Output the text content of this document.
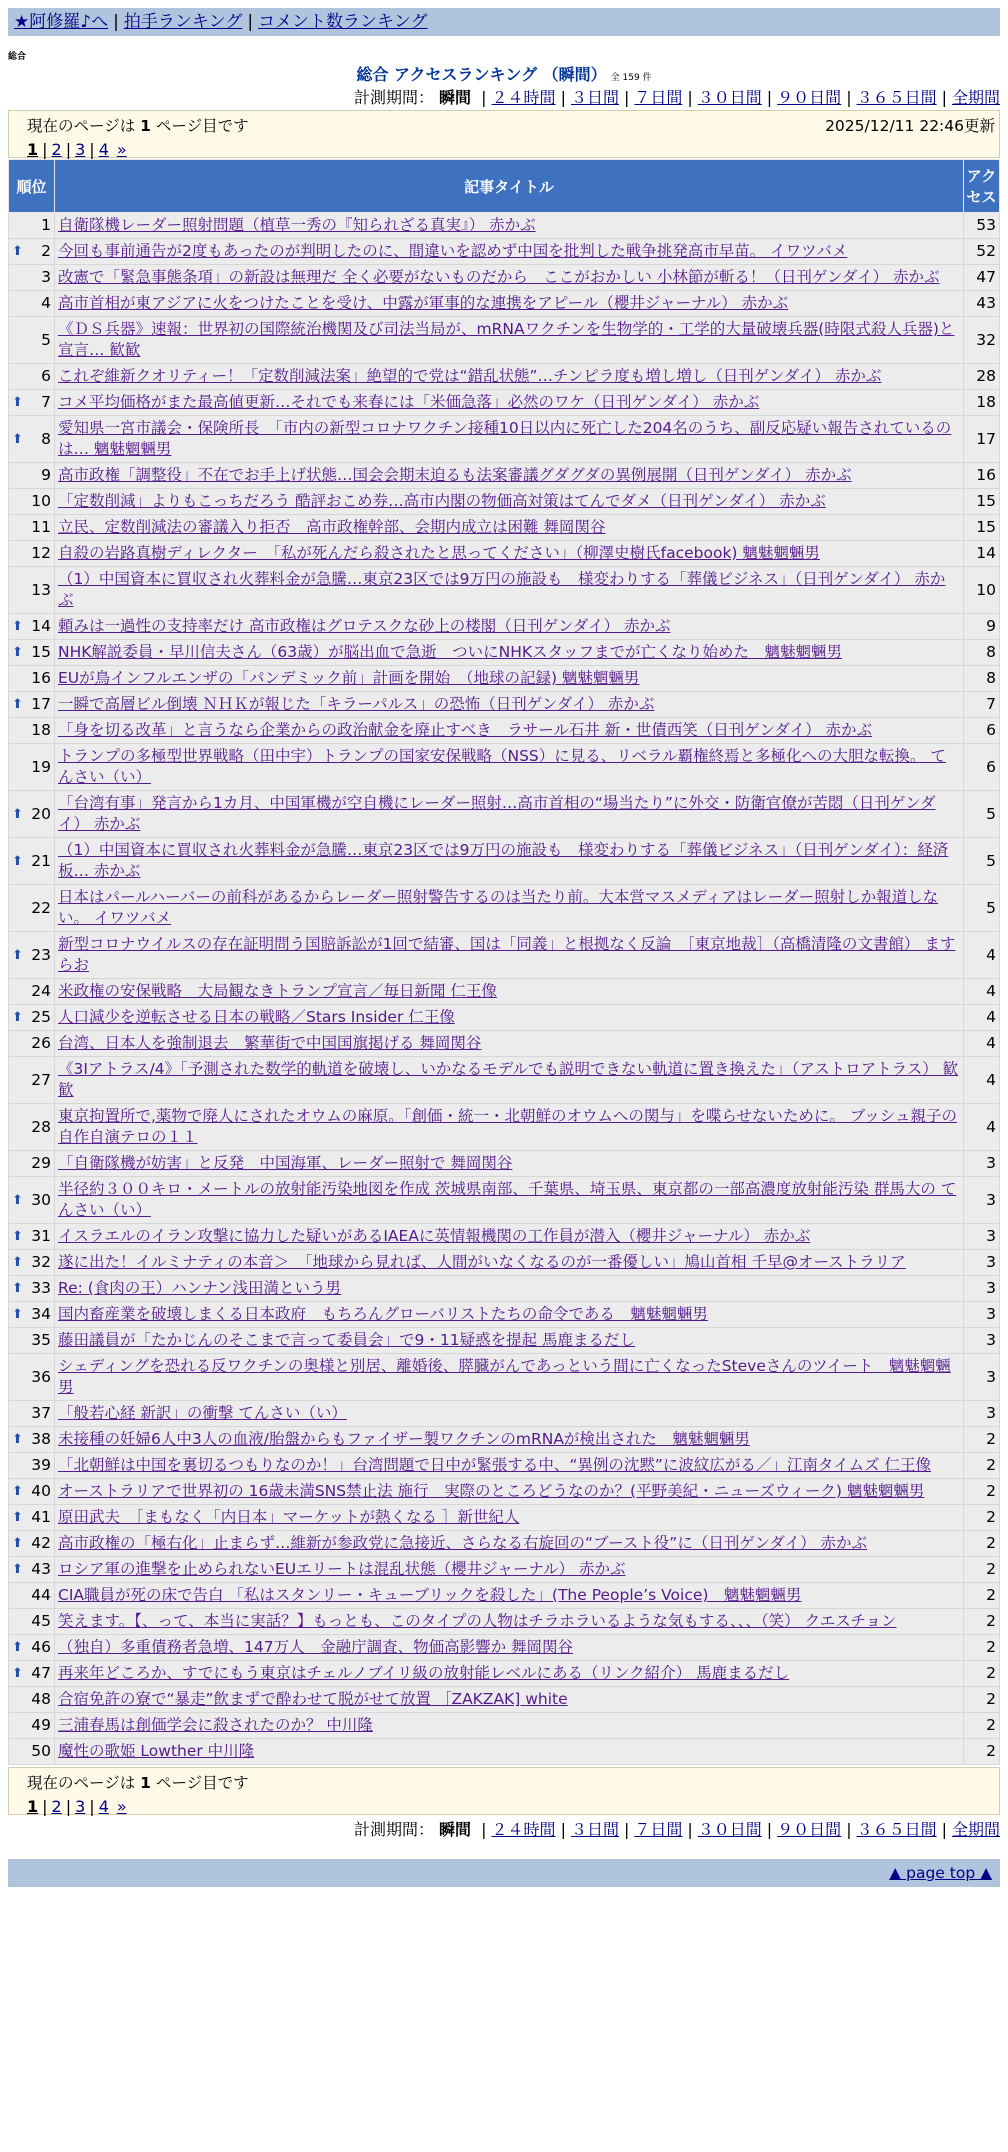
★阿修羅♪へ | 拍手ランキング | コメント数ランキング
総合
総合 アクセスランキング （瞬間） 全 159 件
計測期間： 瞬間 | ２４時間 | ３日間 | ７日間 | ３０日間 | ９０日間 | ３６５日間 | 全期間
現在のページは 1 ページ目です	2025/12/11 22:46更新
1 | 2 | 3 | 4 »
順位	記事タイトル	アクセス
1	自衛隊機レーダー照射問題（植草一秀の『知られざる真実』） 赤かぶ	53

⬆ 2	今回も事前通告が2度もあったのが判明したのに、間違いを認めず中国を批判した戦争挑発高市早苗。 イワツバメ	52
3	改憲で「緊急事態条項」の新設は無理だ 全く必要がないものだから　ここがおかしい 小林節が斬る！（日刊ゲンダイ） 赤かぶ	47
4	高市首相が東アジアに火をつけたことを受け、中露が軍事的な連携をアピール（櫻井ジャーナル） 赤かぶ	43
5	《ＤＳ兵器》速報：世界初の国際統治機関及び司法当局が、mRNAワクチンを生物学的・工学的大量破壊兵器(時限式殺人兵器)と宣言… 歓歓	32
6	これぞ維新クオリティー！「定数削減法案」絶望的で党は“錯乱状態”…チンピラ度も増し増し（日刊ゲンダイ） 赤かぶ	28

⬆ 7	コメ平均価格がまた最高値更新…それでも来春には「米価急落」必然のワケ（日刊ゲンダイ） 赤かぶ	18

⬆ 8	愛知県一宮市議会・保険所長　「市内の新型コロナワクチン接種10日以内に死亡した204名のうち、副反応疑い報告されているのは… 魑魅魍魎男	17
9	高市政権「調整役」不在でお手上げ状態…国会会期末迫るも法案審議グダグダの異例展開（日刊ゲンダイ） 赤かぶ	16
10	「定数削減」よりもこっちだろう 酷評おこめ券…高市内閣の物価高対策はてんでダメ（日刊ゲンダイ） 赤かぶ	15
11	立民、定数削減法の審議入り拒否　高市政権幹部、会期内成立は困難 舞岡関谷	15
12	自殺の岩路真樹ディレクター　「私が死んだら殺されたと思ってください」（柳澤史樹氏facebook) 魑魅魍魎男	14
13	（1）中国資本に買収され火葬料金が急騰…東京23区では9万円の施設も　様変わりする「葬儀ビジネス」（日刊ゲンダイ） 赤かぶ	10

⬆ 14	頼みは一過性の支持率だけ 高市政権はグロテスクな砂上の楼閣（日刊ゲンダイ） 赤かぶ	9

⬆ 15	NHK解説委員・早川信夫さん（63歳）が脳出血で急逝　ついにNHKスタッフまでが亡くなり始めた　魑魅魍魎男	8
16	EUが鳥インフルエンザの「パンデミック前」計画を開始　（地球の記録) 魑魅魍魎男	8

⬆ 17	一瞬で高層ビル倒壊 ＮＨＫが報じた「キラーパルス」の恐怖（日刊ゲンダイ） 赤かぶ	7
18	「身を切る改革」と言うなら企業からの政治献金を廃止すべき　ラサール石井 新・世債西笑（日刊ゲンダイ） 赤かぶ	6
19	トランプの多極型世界戦略（田中宇）トランプの国家安保戦略（NSS）に見る、リベラル覇権終焉と多極化への大胆な転換。 てんさい（い）	6

⬆ 20	「台湾有事」発言から1カ月、中国軍機が空自機にレーダー照射…高市首相の“場当たり”に外交・防衛官僚が苦悶（日刊ゲンダイ） 赤かぶ	5

⬆ 21	（1）中国資本に買収され火葬料金が急騰…東京23区では9万円の施設も　様変わりする「葬儀ビジネス」（日刊ゲンダイ）：経済板… 赤かぶ	5
22	日本はパールハーバーの前科があるからレーダー照射警告するのは当たり前。大本営マスメディアはレーダー照射しか報道しない。 イワツバメ	5

⬆ 23	新型コロナウイルスの存在証明問う国賠訴訟が1回で結審、国は「同義」と根拠なく反論　［東京地裁］（高橋清隆の文書館） ますらお	4
24	米政権の安保戦略　大局観なきトランプ宣言／毎日新聞 仁王像	4

⬆ 25	人口減少を逆転させる日本の戦略／Stars Insider 仁王像	4
26	台湾、日本人を強制退去　繁華街で中国国旗掲げる 舞岡関谷	4
27	《3Iアトラス/4》「予測された数学的軌道を破壊し、いかなるモデルでも説明できない軌道に置き換えた」（アストロアトラス） 歓歓	4
28	東京拘置所で,薬物で廃人にされたオウムの麻原。「創価・統一・北朝鮮のオウムへの関与」を喋らせないために。 ブッシュ親子の自作自演テロの１１	4
29	「自衛隊機が妨害」と反発　中国海軍、レーダー照射で 舞岡関谷	3

⬆ 30	半径約３００キロ・メートルの放射能汚染地図を作成 茨城県南部、千葉県、埼玉県、東京都の一部高濃度放射能汚染 群馬大の てんさい（い）	3

⬆ 31	イスラエルのイラン攻撃に協力した疑いがあるIAEAに英情報機関の工作員が潜入（櫻井ジャーナル） 赤かぶ	3

⬆ 32	遂に出た！イルミナティの本音＞　「地球から見れば、人間がいなくなるのが一番優しい」鳩山首相 千早@オーストラリア	3

⬆ 33	Re: (食肉の王）ハンナン浅田満という男	3

⬆ 34	国内畜産業を破壊しまくる日本政府　もちろんグローバリストたちの命令である　魑魅魍魎男	3
35	藤田議員が「たかじんのそこまで言って委員会」で9・11疑惑を提起 馬鹿まるだし	3
36	シェディングを恐れる反ワクチンの奥様と別居、離婚後、膵臓がんであっという間に亡くなったSteveさんのツイート　魑魅魍魎男	3
37	「般若心経 新訳」の衝撃 てんさい（い）	3

⬆ 38	未接種の妊婦6人中3人の血液/胎盤からもファイザー製ワクチンのmRNAが検出された　魑魅魍魎男	2
39	「北朝鮮は中国を裏切るつもりなのか！」台湾問題で日中が緊張する中、“異例の沈黙”に波紋広がる／」江南タイムズ 仁王像	2

⬆ 40	オーストラリアで世界初の 16歳未満SNS禁止法 施行　実際のところどうなのか？(平野美紀・ニューズウィーク) 魑魅魍魎男	2

⬆ 41	原田武夫　［まもなく「内日本」マーケットが熱くなる ］新世紀人	2

⬆ 42	高市政権の「極右化」止まらず…維新が参政党に急接近、さらなる右旋回の“ブースト役”に（日刊ゲンダイ） 赤かぶ	2

⬆ 43	ロシア軍の進撃を止められないEUエリートは混乱状態（櫻井ジャーナル） 赤かぶ	2
44	CIA職員が死の床で告白 「私はスタンリー・キューブリックを殺した」(The People’s Voice)　魑魅魍魎男	2
45	笑えます。【、って、本当に実話？】もっとも、このタイプの人物はチラホラいるような気もする、、、（笑） クエスチョン	2

⬆ 46	（独自）多重債務者急増、147万人　金融庁調査、物価高影響か 舞岡関谷	2

⬆ 47	再来年どころか、すでにもう東京はチェルノブイリ級の放射能レベルにある（リンク紹介） 馬鹿まるだし	2
48	合宿免許の寮で“暴走”飲まずで酔わせて脱がせて放置 ［ZAKZAK] white	2
49	三浦春馬は創価学会に殺されたのか？ 中川隆	2
50	魔性の歌姫 Lowther 中川隆	2
現在のページは 1 ページ目です
1 | 2 | 3 | 4 »
計測期間： 瞬間 | ２４時間 | ３日間 | ７日間 | ３０日間 | ９０日間 | ３６５日間 | 全期間
▲ page top ▲
